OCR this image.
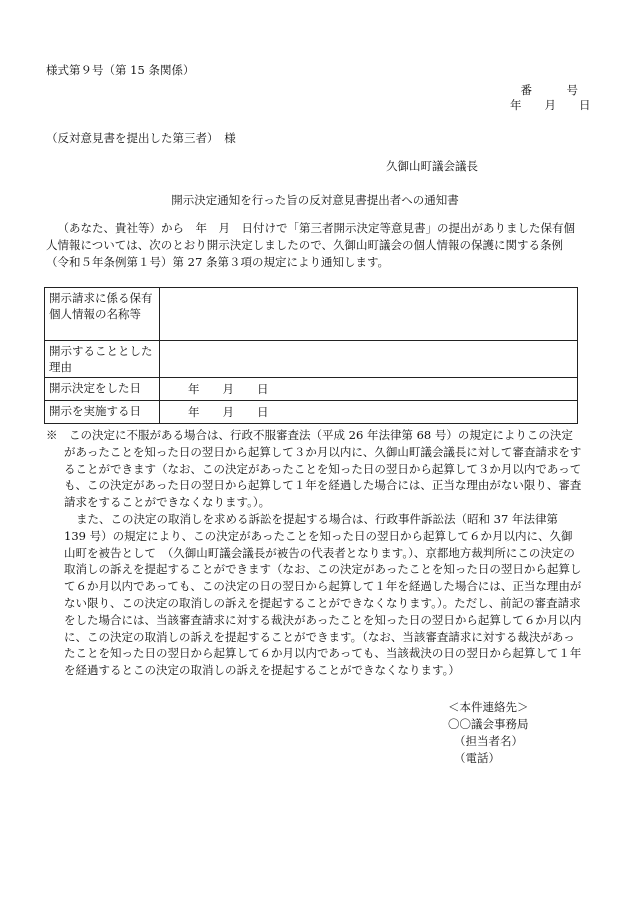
様式第９号（第 15 条関係）
番　　　号
年　　月　　日
（反対意見書を提出した第三者）　様
久御山町議会議長
開示決定通知を行った旨の反対意見書提出者への通知書

（あなた、貴社等）から　年　月　日付けで「第三者開示決定等意見書」の提出がありました保有個人情報については、次のとおり開示決定しましたので、久御山町議会の個人情報の保護に関する条例（令和５年条例第１号）第 27 条第３項の規定により通知します。

開示請求に係る保有個人情報の名称等	
開示することとした理由	
開示決定をした日	年　　月　　日
開示を実施する日	年　　月　　日

※　この決定に不服がある場合は、行政不服審査法（平成 26 年法律第 68 号）の規定によりこの決定があったことを知った日の翌日から起算して３か月以内に、久御山町議会議長に対して審査請求をすることができます（なお、この決定があったことを知った日の翌日から起算して３か月以内であっても、この決定があった日の翌日から起算して１年を経過した場合には、正当な理由がない限り、審査請求をすることができなくなります。）。

また、この決定の取消しを求める訴訟を提起する場合は、行政事件訴訟法（昭和 37 年法律第 139 号）の規定により、この決定があったことを知った日の翌日から起算して６か月以内に、久御山町を被告として　（久御山町議会議長が被告の代表者となります。）、京都地方裁判所にこの決定の取消しの訴えを提起することができます（なお、この決定があったことを知った日の翌日から起算して６か月以内であっても、この決定の日の翌日から起算して１年を経過した場合には、正当な理由がない限り、この決定の取消しの訴えを提起することができなくなります。）。ただし、前記の審査請求をした場合には、当該審査請求に対する裁決があったことを知った日の翌日から起算して６か月以内に、この決定の取消しの訴えを提起することができます。（なお、当該審査請求に対する裁決があったことを知った日の翌日から起算して６か月以内であっても、当該裁決の日の翌日から起算して１年を経過するとこの決定の取消しの訴えを提起することができなくなります。）

＜本件連絡先＞
〇〇議会事務局
（担当者名）
（電話）
